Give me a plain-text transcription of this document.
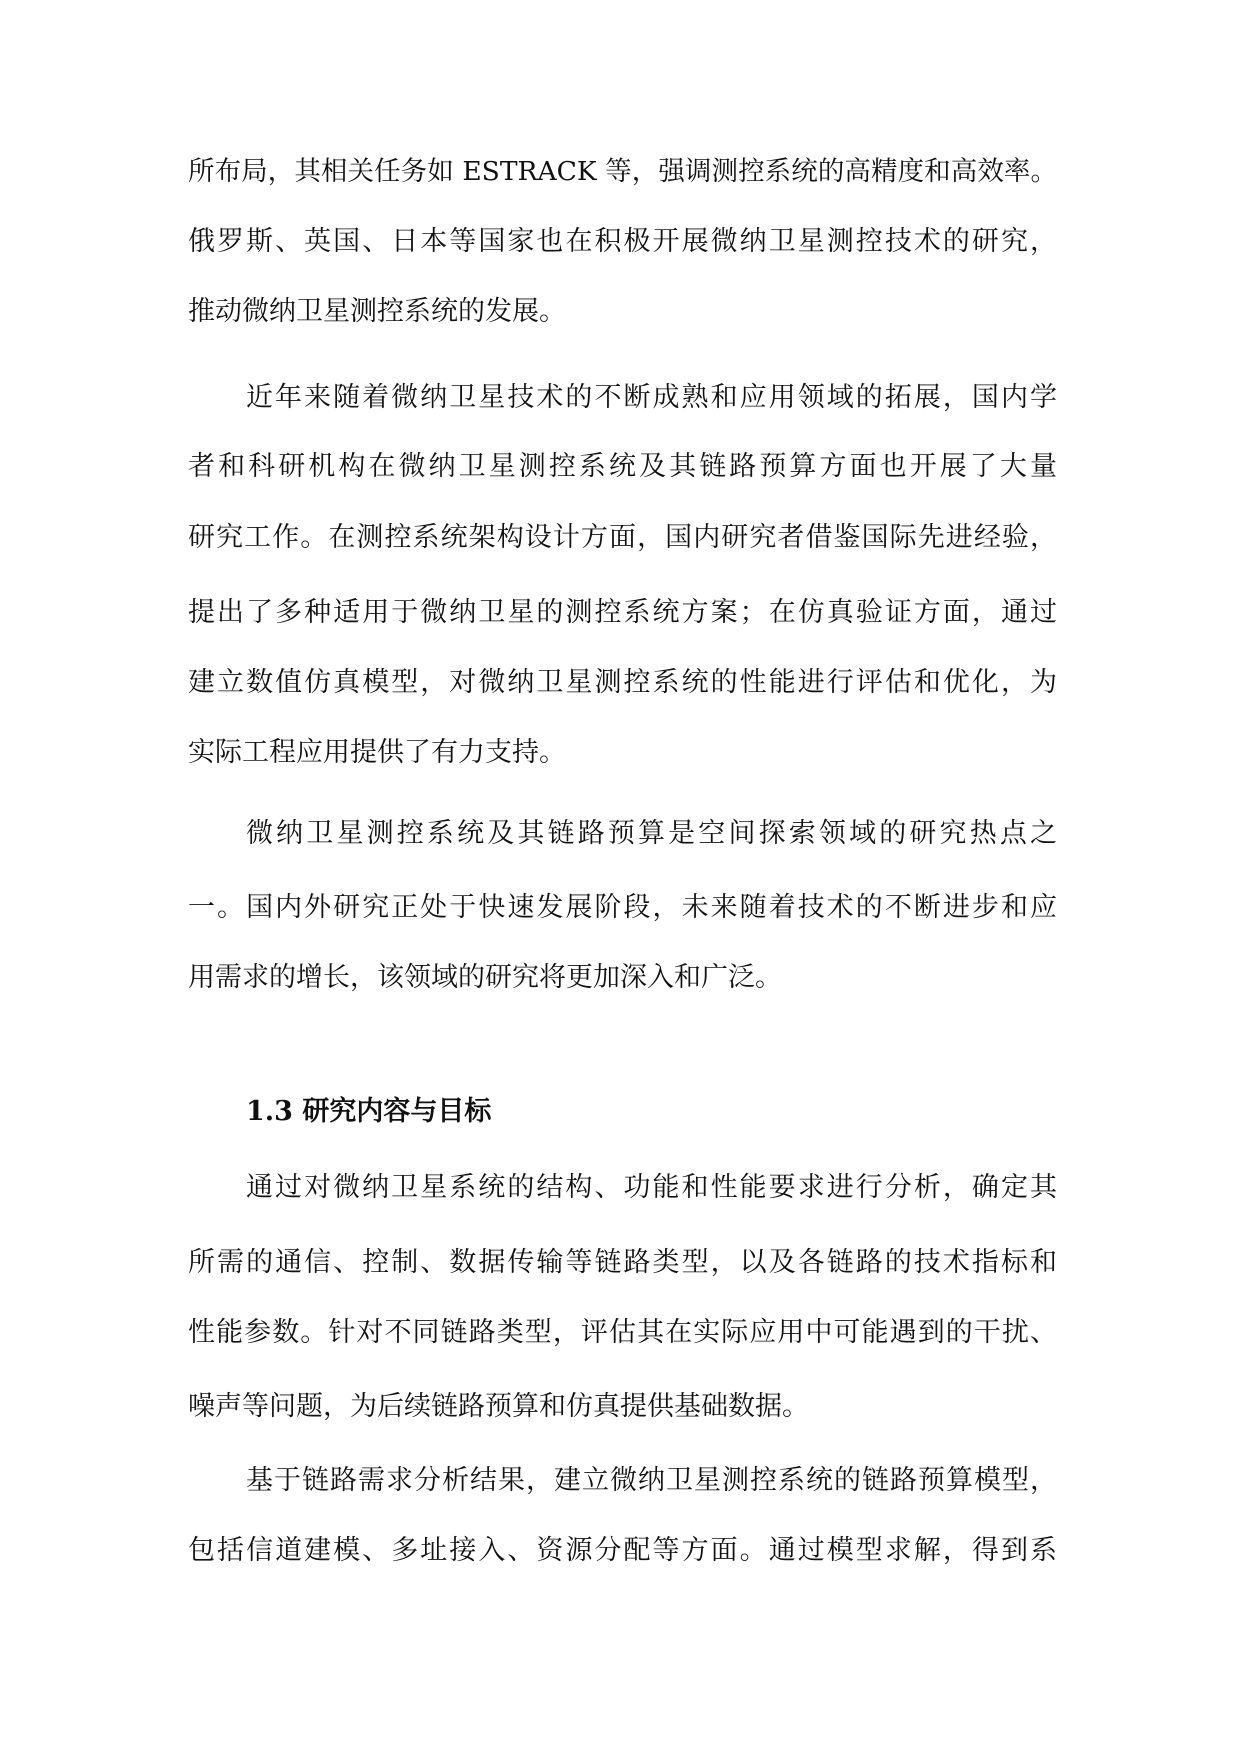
所布局，其相关任务如 ESTRACK 等，强调测控系统的高精度和高效率。
俄罗斯、英国、日本等国家也在积极开展微纳卫星测控技术的研究，
推动微纳卫星测控系统的发展。
近年来随着微纳卫星技术的不断成熟和应用领域的拓展，国内学
者和科研机构在微纳卫星测控系统及其链路预算方面也开展了大量
研究工作。在测控系统架构设计方面，国内研究者借鉴国际先进经验，
提出了多种适用于微纳卫星的测控系统方案；在仿真验证方面，通过
建立数值仿真模型，对微纳卫星测控系统的性能进行评估和优化，为
实际工程应用提供了有力支持。
微纳卫星测控系统及其链路预算是空间探索领域的研究热点之
一。国内外研究正处于快速发展阶段，未来随着技术的不断进步和应
用需求的增长，该领域的研究将更加深入和广泛。
1.3 研究内容与目标
通过对微纳卫星系统的结构、功能和性能要求进行分析，确定其
所需的通信、控制、数据传输等链路类型，以及各链路的技术指标和
性能参数。针对不同链路类型，评估其在实际应用中可能遇到的干扰、
噪声等问题，为后续链路预算和仿真提供基础数据。
基于链路需求分析结果，建立微纳卫星测控系统的链路预算模型，
包括信道建模、多址接入、资源分配等方面。通过模型求解，得到系
